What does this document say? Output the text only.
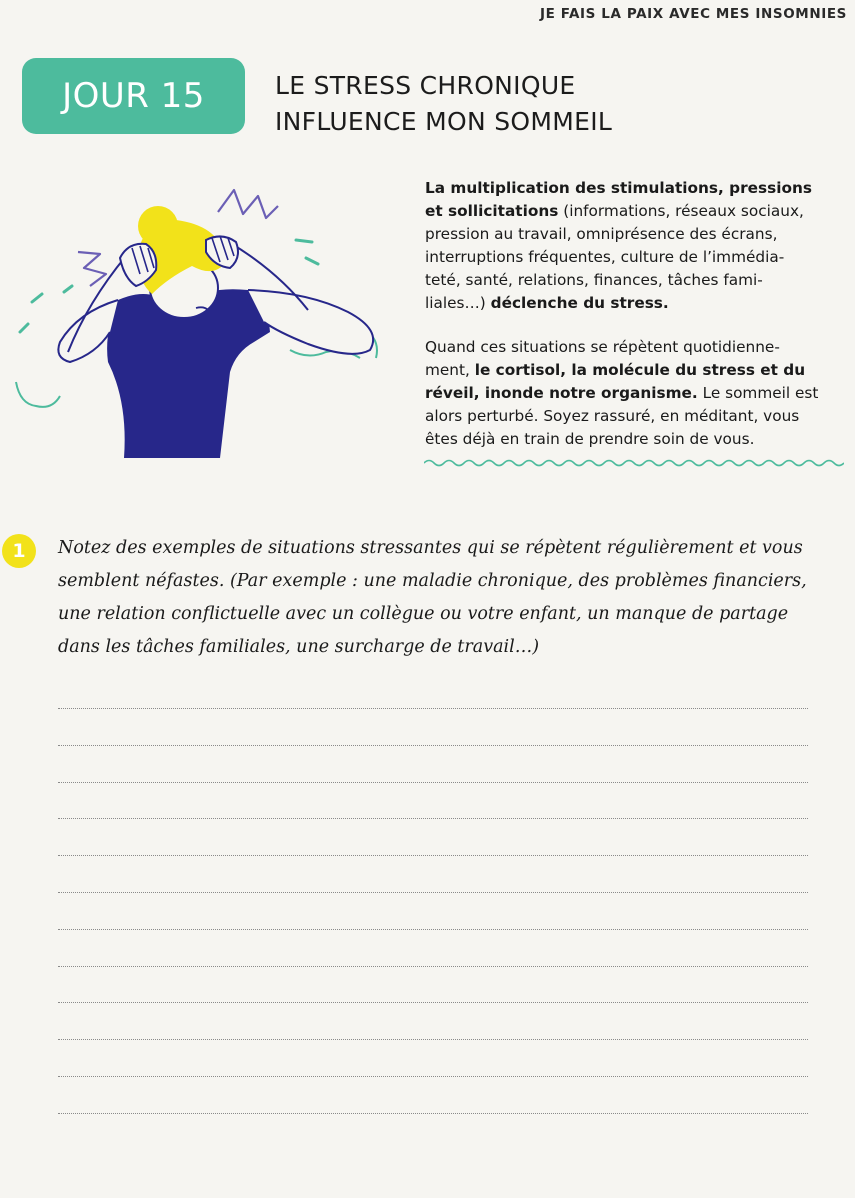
JE FAIS LA PAIX AVEC MES INSOMNIES
JOUR 15	LE STRESS CHRONIQUE
INFLUENCE MON SOMMEIL

La multiplication des stimulations, pressions
et sollicitations (informations, réseaux sociaux,
pression au travail, omniprésence des écrans,
interruptions fréquentes, culture de l’immédia-
teté, santé, relations, finances, tâches fami-
liales…) déclenche du stress.

Quand ces situations se répètent quotidienne-
ment, le cortisol, la molécule du stress et du
réveil, inonde notre organisme. Le sommeil est
alors perturbé. Soyez rassuré, en méditant, vous
êtes déjà en train de prendre soin de vous.

1	Notez des exemples de situations stressantes qui se répètent régulièrement et vous
semblent néfastes. (Par exemple : une maladie chronique, des problèmes financiers,
une relation conflictuelle avec un collègue ou votre enfant, un manque de partage
dans les tâches familiales, une surcharge de travail…)
